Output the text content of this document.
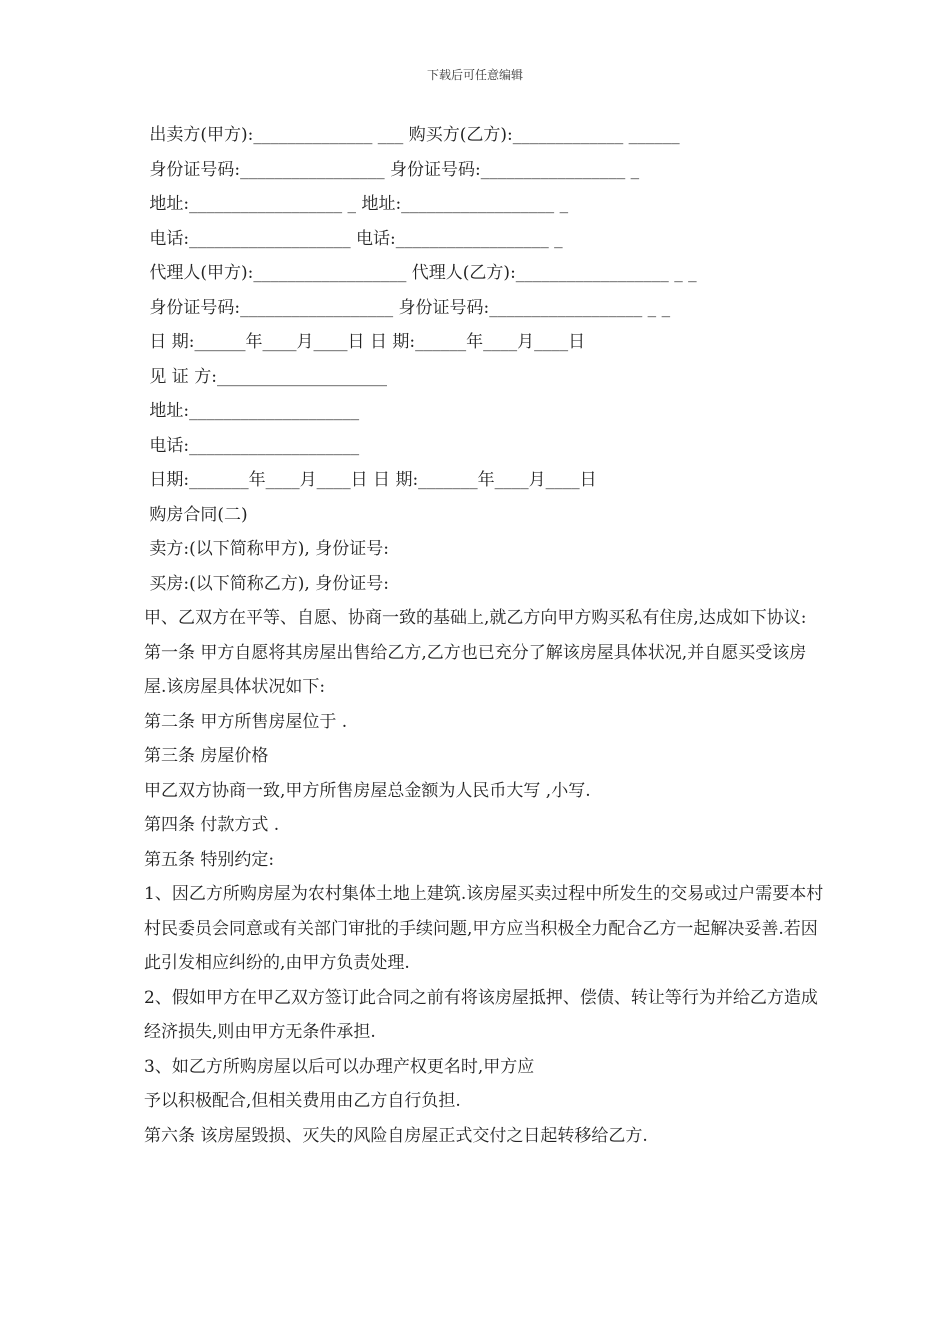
下载后可任意编辑
出卖方(甲方):______________ ___ 购买方(乙方):_____________ ______
身份证号码:_________________ 身份证号码:_________________ _
地址:__________________ _ 地址:__________________ _
电话:___________________ 电话:__________________ _
代理人(甲方):__________________ 代理人(乙方):__________________ _ _
身份证号码:__________________ 身份证号码:__________________ _ _
日 期:______年____月____日 日 期:______年____月____日
见 证 方:____________________
地址:____________________
电话:____________________
日期:_______年____月____日 日 期:_______年____月____日
购房合同(二)
卖方:(以下简称甲方), 身份证号:
买房:(以下简称乙方), 身份证号:
甲、乙双方在平等、自愿、协商一致的基础上,就乙方向甲方购买私有住房,达成如下协议:
第一条 甲方自愿将其房屋出售给乙方,乙方也已充分了解该房屋具体状况,并自愿买受该房屋.该房屋具体状况如下:
第二条 甲方所售房屋位于 .
第三条 房屋价格
甲乙双方协商一致,甲方所售房屋总金额为人民币大写 ,小写.
第四条 付款方式 .
第五条 特别约定:
1、因乙方所购房屋为农村集体土地上建筑.该房屋买卖过程中所发生的交易或过户需要本村村民委员会同意或有关部门审批的手续问题,甲方应当积极全力配合乙方一起解决妥善.若因此引发相应纠纷的,由甲方负责处理.
2、假如甲方在甲乙双方签订此合同之前有将该房屋抵押、偿债、转让等行为并给乙方造成经济损失,则由甲方无条件承担.
3、如乙方所购房屋以后可以办理产权更名时,甲方应
予以积极配合,但相关费用由乙方自行负担.
第六条 该房屋毁损、灭失的风险自房屋正式交付之日起转移给乙方.
